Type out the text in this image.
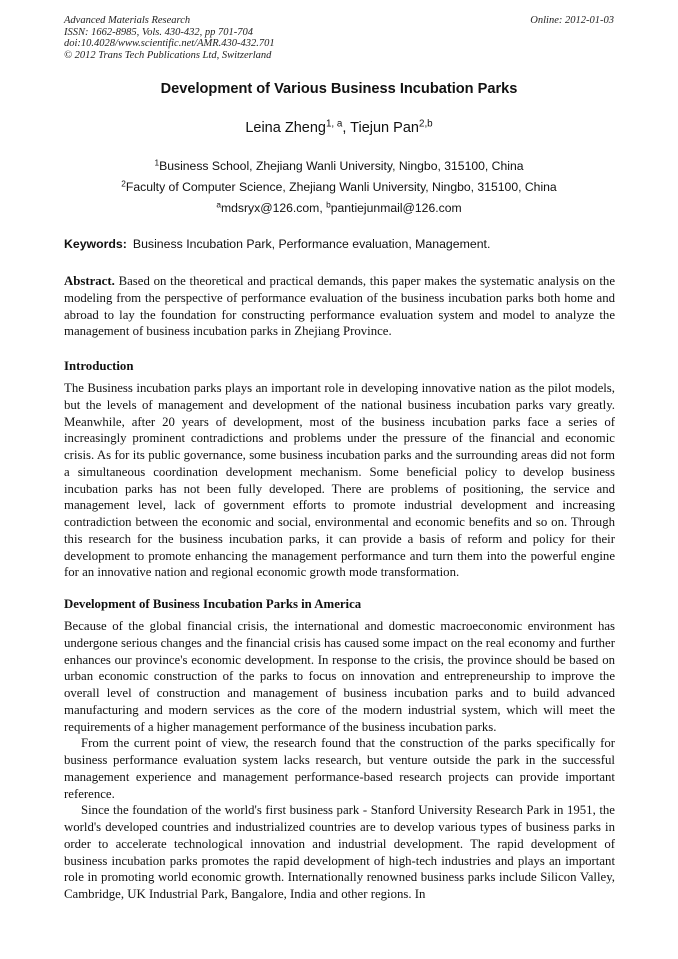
Advanced Materials Research
ISSN: 1662-8985, Vols. 430-432, pp 701-704
doi:10.4028/www.scientific.net/AMR.430-432.701
© 2012 Trans Tech Publications Ltd, Switzerland
Online: 2012-01-03
Development of Various Business Incubation Parks
Leina Zheng$^{1, a}$, Tiejun Pan$^{2,b}$
$^1$Business School, Zhejiang Wanli University, Ningbo, 315100, China
$^2$Faculty of Computer Science, Zhejiang Wanli University, Ningbo, 315100, China
$^a$mdsryx@126.com, $^b$pantiejunmail@126.com
Keywords: Business Incubation Park, Performance evaluation, Management.

Abstract. Based on the theoretical and practical demands, this paper makes the systematic analysis on the modeling from the perspective of performance evaluation of the business incubation parks both home and abroad to lay the foundation for constructing performance evaluation system and model to analyze the management of business incubation parks in Zhejiang Province.

Introduction

The Business incubation parks plays an important role in developing innovative nation as the pilot models, but the levels of management and development of the national business incubation parks vary greatly. Meanwhile, after 20 years of development, most of the business incubation parks face a series of increasingly prominent contradictions and problems under the pressure of the financial and economic crisis. As for its public governance, some business incubation parks and the surrounding areas did not form a simultaneous coordination development mechanism. Some beneficial policy to develop business incubation parks has not been fully developed. There are problems of positioning, the service and management level, lack of government efforts to promote industrial development and increasing contradiction between the economic and social, environmental and economic benefits and so on. Through this research for the business incubation parks, it can provide a basis of reform and policy for their development to promote enhancing the management performance and turn them into the powerful engine for an innovative nation and regional economic growth mode transformation.

Development of Business Incubation Parks in America

Because of the global financial crisis, the international and domestic macroeconomic environment has undergone serious changes and the financial crisis has caused some impact on the real economy and further enhances our province's economic development. In response to the crisis, the province should be based on urban economic construction of the parks to focus on innovation and entrepreneurship to improve the overall level of construction and management of business incubation parks and to build advanced manufacturing and modern services as the core of the modern industrial system, which will meet the requirements of a higher management performance of the business incubation parks.

From the current point of view, the research found that the construction of the parks specifically for business performance evaluation system lacks research, but venture outside the park in the successful management experience and management performance-based research projects can provide important reference.

Since the foundation of the world's first business park - Stanford University Research Park in 1951, the world's developed countries and industrialized countries are to develop various types of business parks in order to accelerate technological innovation and industrial development. The rapid development of business incubation parks promotes the rapid development of high-tech industries and plays an important role in promoting world economic growth. Internationally renowned business parks include Silicon Valley, Cambridge, UK Industrial Park, Bangalore, India and other regions. In
